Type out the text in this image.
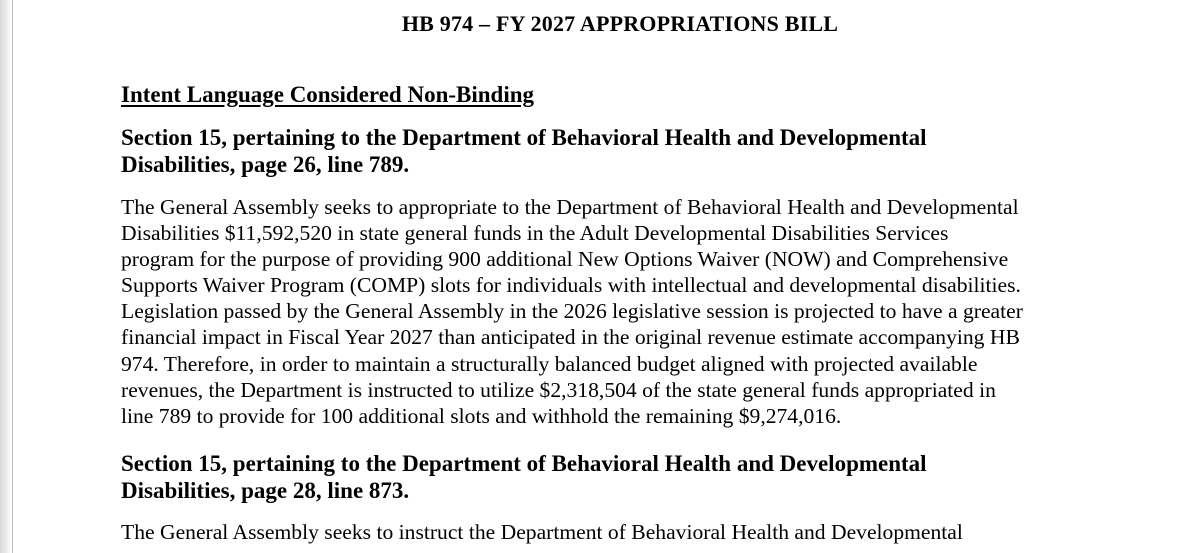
HB 974 – FY 2027 APPROPRIATIONS BILL
Intent Language Considered Non-Binding
Section 15, pertaining to the Department of Behavioral Health and Developmental
Disabilities, page 26, line 789.
The General Assembly seeks to appropriate to the Department of Behavioral Health and Developmental
Disabilities $11,592,520 in state general funds in the Adult Developmental Disabilities Services
program for the purpose of providing 900 additional New Options Waiver (NOW) and Comprehensive
Supports Waiver Program (COMP) slots for individuals with intellectual and developmental disabilities.
Legislation passed by the General Assembly in the 2026 legislative session is projected to have a greater
financial impact in Fiscal Year 2027 than anticipated in the original revenue estimate accompanying HB
974. Therefore, in order to maintain a structurally balanced budget aligned with projected available
revenues, the Department is instructed to utilize $2,318,504 of the state general funds appropriated in
line 789 to provide for 100 additional slots and withhold the remaining $9,274,016.
Section 15, pertaining to the Department of Behavioral Health and Developmental
Disabilities, page 28, line 873.
The General Assembly seeks to instruct the Department of Behavioral Health and Developmental
